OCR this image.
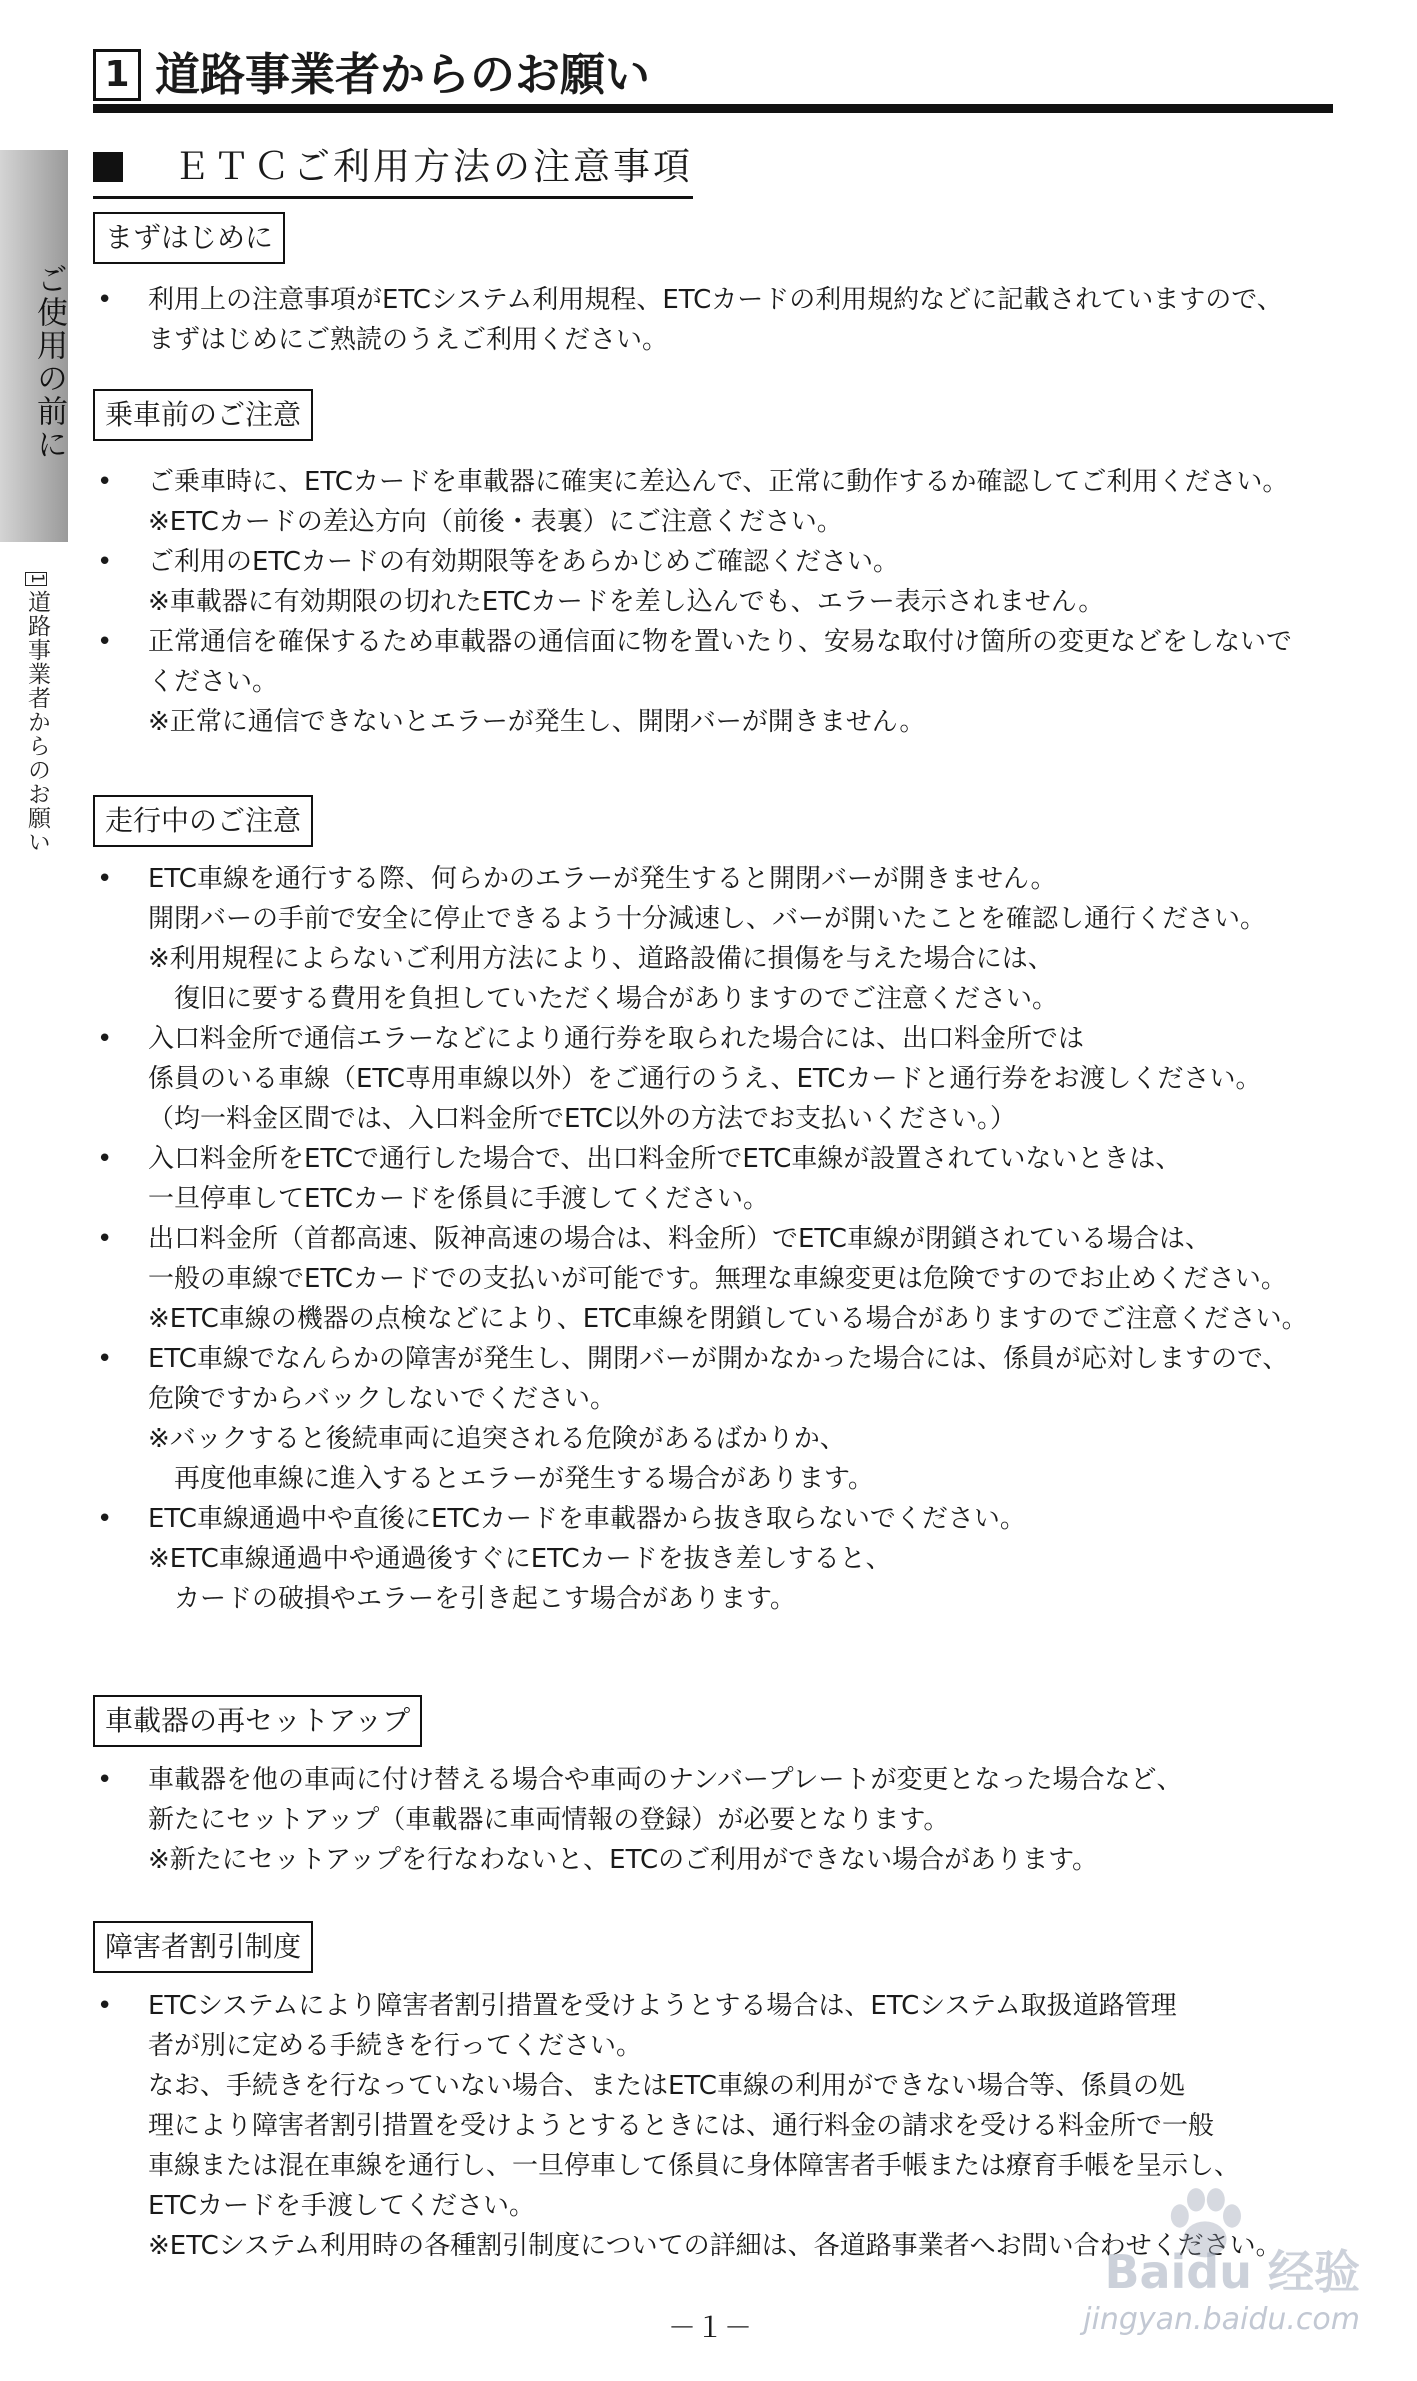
ご使用の前に
1道路事業者からのお願い
1 道路事業者からのお願い
ＥＴＣご利用方法の注意事項
まずはじめに
• 利用上の注意事項がETCシステム利用規程、ETCカードの利用規約などに記載されていますので、
まずはじめにご熟読のうえご利用ください。
乗車前のご注意
• ご乗車時に、ETCカードを車載器に確実に差込んで、正常に動作するか確認してご利用ください。
※ETCカードの差込方向（前後・表裏）にご注意ください。
• ご利用のETCカードの有効期限等をあらかじめご確認ください。
※車載器に有効期限の切れたETCカードを差し込んでも、エラー表示されません。
• 正常通信を確保するため車載器の通信面に物を置いたり、安易な取付け箇所の変更などをしないで
ください。
※正常に通信できないとエラーが発生し、開閉バーが開きません。
走行中のご注意
• ETC車線を通行する際、何らかのエラーが発生すると開閉バーが開きません。
開閉バーの手前で安全に停止できるよう十分減速し、バーが開いたことを確認し通行ください。
※利用規程によらないご利用方法により、道路設備に損傷を与えた場合には、
復旧に要する費用を負担していただく場合がありますのでご注意ください。
• 入口料金所で通信エラーなどにより通行券を取られた場合には、出口料金所では
係員のいる車線（ETC専用車線以外）をご通行のうえ、ETCカードと通行券をお渡しください。
（均一料金区間では、入口料金所でETC以外の方法でお支払いください。）
• 入口料金所をETCで通行した場合で、出口料金所でETC車線が設置されていないときは、
一旦停車してETCカードを係員に手渡してください。
• 出口料金所（首都高速、阪神高速の場合は、料金所）でETC車線が閉鎖されている場合は、
一般の車線でETCカードでの支払いが可能です。無理な車線変更は危険ですのでお止めください。
※ETC車線の機器の点検などにより、ETC車線を閉鎖している場合がありますのでご注意ください。
• ETC車線でなんらかの障害が発生し、開閉バーが開かなかった場合には、係員が応対しますので、
危険ですからバックしないでください。
※バックすると後続車両に追突される危険があるばかりか、
再度他車線に進入するとエラーが発生する場合があります。
• ETC車線通過中や直後にETCカードを車載器から抜き取らないでください。
※ETC車線通過中や通過後すぐにETCカードを抜き差しすると、
カードの破損やエラーを引き起こす場合があります。
車載器の再セットアップ
• 車載器を他の車両に付け替える場合や車両のナンバープレートが変更となった場合など、
新たにセットアップ（車載器に車両情報の登録）が必要となります。
※新たにセットアップを行なわないと、ETCのご利用ができない場合があります。
障害者割引制度
• ETCシステムにより障害者割引措置を受けようとする場合は、ETCシステム取扱道路管理
者が別に定める手続きを行ってください。
なお、手続きを行なっていない場合、またはETC車線の利用ができない場合等、係員の処
理により障害者割引措置を受けようとするときには、通行料金の請求を受ける料金所で一般
車線または混在車線を通行し、一旦停車して係員に身体障害者手帳または療育手帳を呈示し、
ETCカードを手渡してください。
※ETCシステム利用時の各種割引制度についての詳細は、各道路事業者へお問い合わせください。
－１－
Baidu 经验
jingyan.baidu.com
